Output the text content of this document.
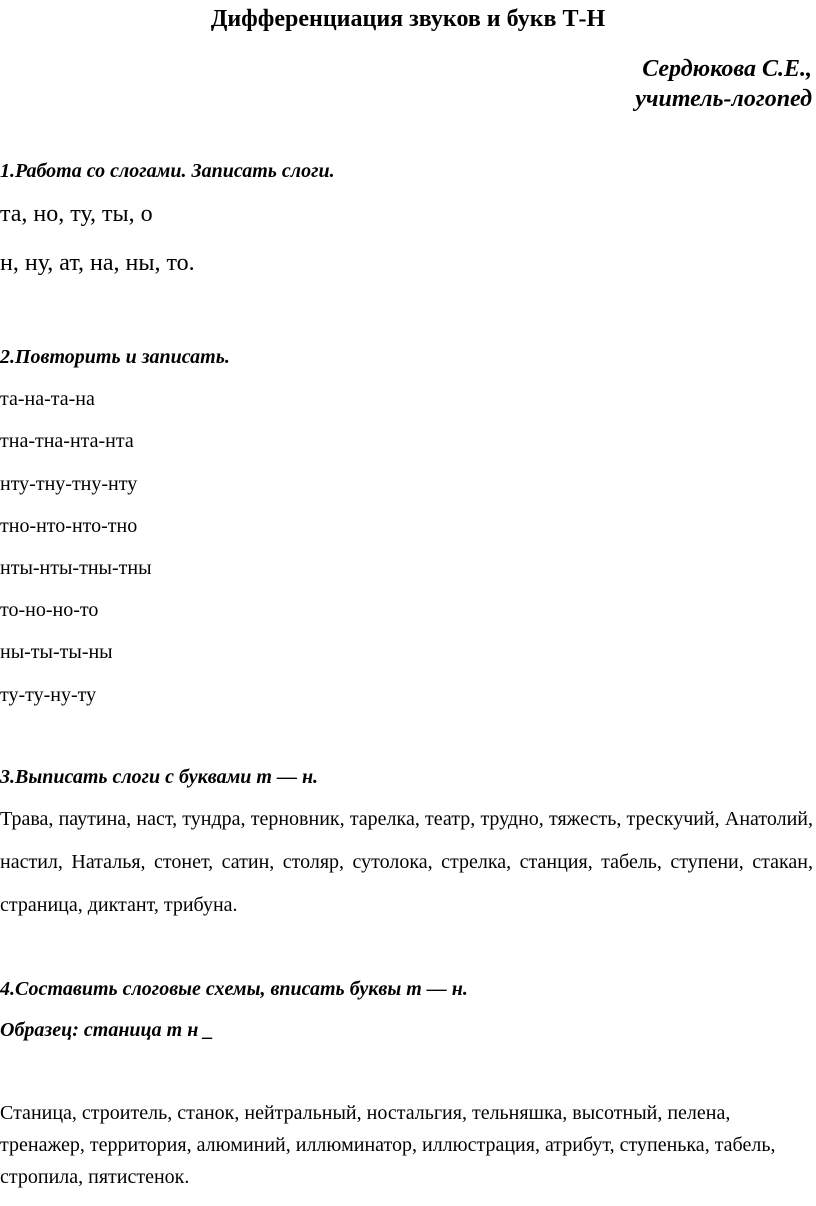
Дифференциация звуков и букв Т-Н
Сердюкова С.Е.,
учитель-логопед
1.Работа со слогами. Записать слоги.
та, но, ту, ты, о
н, ну, ат, на, ны, то.
2.Повторить и записать.
та-на-та-на
тна-тна-нта-нта
нту-тну-тну-нту
тно-нто-нто-тно
нты-нты-тны-тны
то-но-но-то
ны-ты-ты-ны
ту-ту-ну-ту
3.Выписать слоги с буквами т — н.
Трава, паутина, наст, тундра, терновник, тарелка, театр, трудно, тяжесть, трескучий, Анатолий, настил, Наталья, стонет, сатин, столяр, сутолока, стрелка, станция, табель, ступени, стакан, страница, диктант, трибуна.
4.Составить слоговые схемы, вписать буквы т — н.
Образец: станица т н _
Станица, строитель, станок, нейтральный, ностальгия, тельняшка, высотный, пелена, тренажер, территория, алюминий, иллюминатор, иллюстрация, атрибут, ступенька, табель, стропила, пятистенок.
